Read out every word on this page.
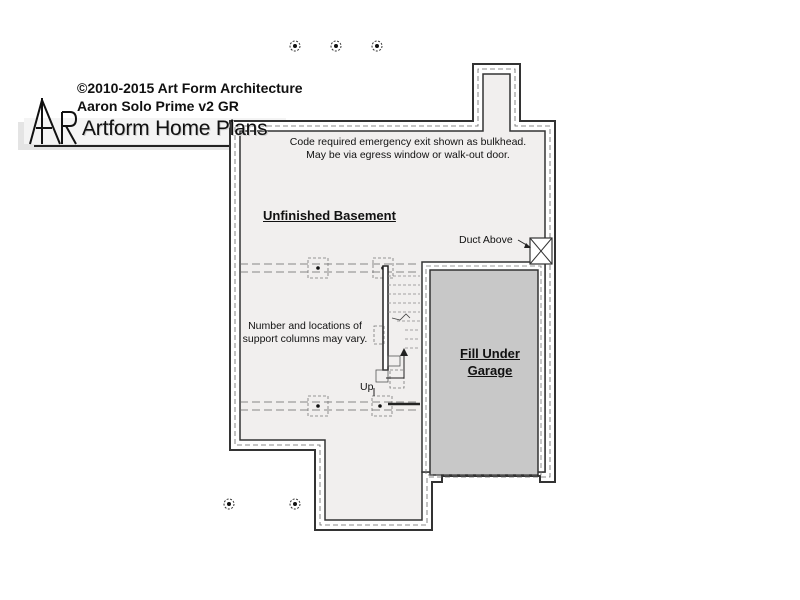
©2010-2015 Art Form Architecture
Aaron Solo Prime v2 GR
Artform Home Plans
Code required emergency exit shown as bulkhead.
May be via egress window or walk-out door.
Unfinished Basement
Duct Above
Number and locations of
support columns may vary.
Up
Fill Under
Garage
